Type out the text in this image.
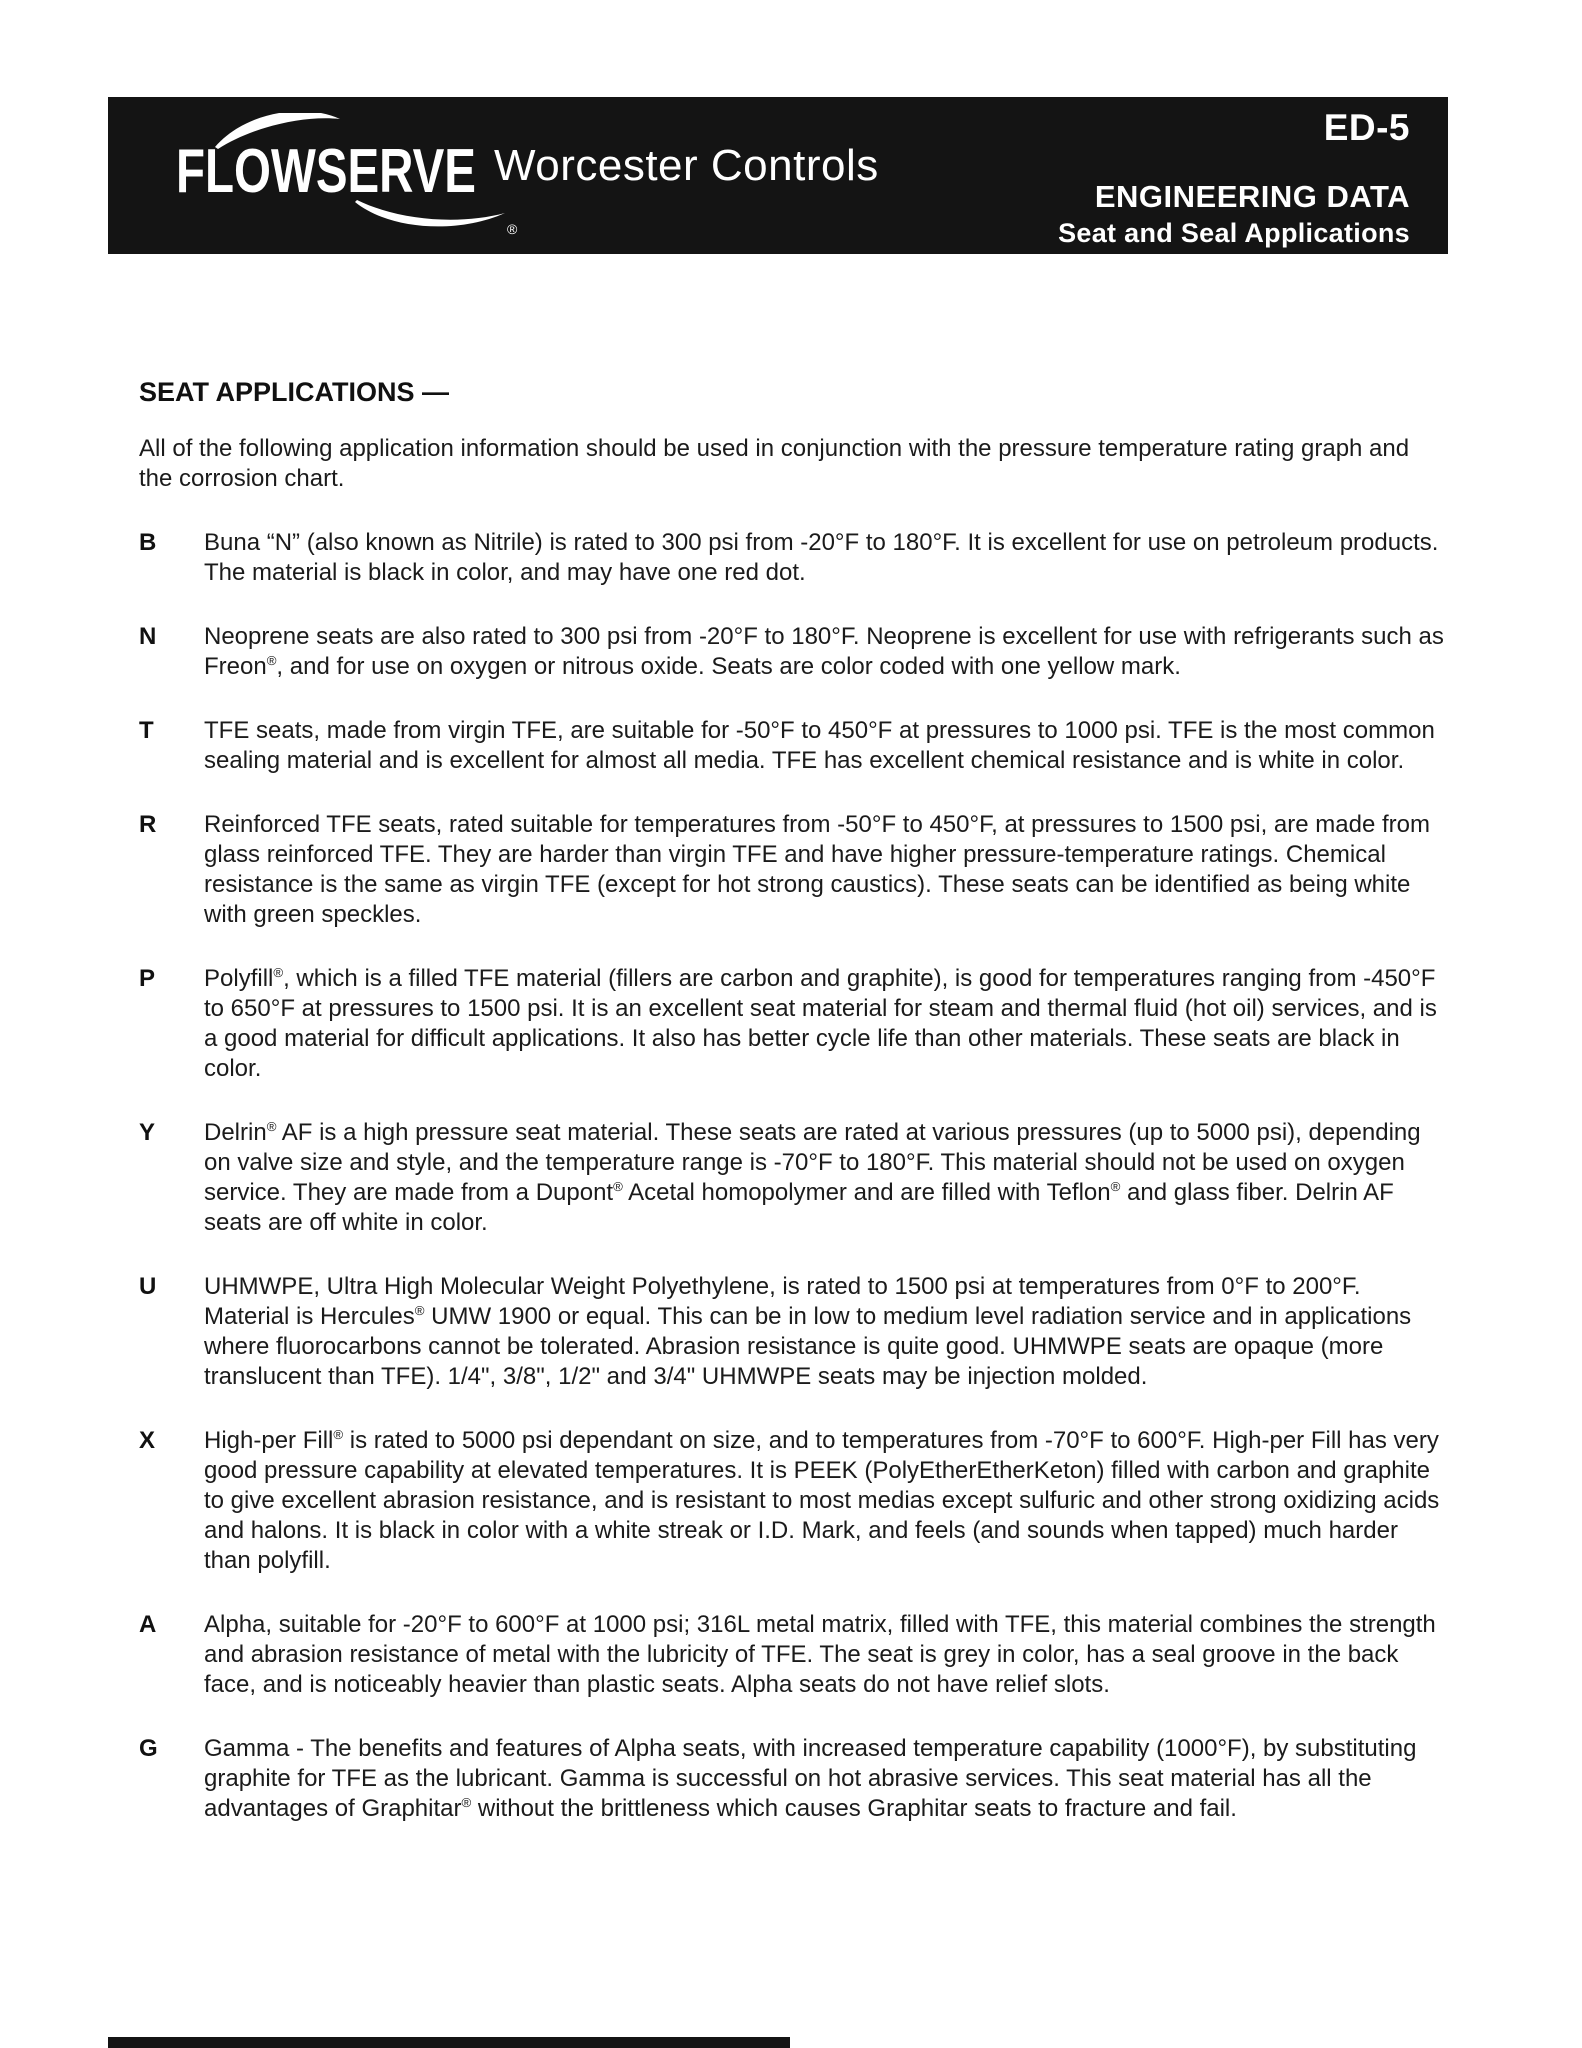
FLOWSERVE
®
Worcester Controls
ED-5
ENGINEERING DATA
Seat and Seal Applications
SEAT APPLICATIONS —

All of the following application information should be used in conjunction with the pressure temperature rating graph and the corrosion chart.

B Buna “N” (also known as Nitrile) is rated to 300 psi from -20°F to 180°F. It is excellent for use on petroleum products. The material is black in color, and may have one red dot.

N Neoprene seats are also rated to 300 psi from -20°F to 180°F. Neoprene is excellent for use with refrigerants such as Freon®, and for use on oxygen or nitrous oxide. Seats are color coded with one yellow mark.

T TFE seats, made from virgin TFE, are suitable for -50°F to 450°F at pressures to 1000 psi. TFE is the most common sealing material and is excellent for almost all media. TFE has excellent chemical resistance and is white in color.

R Reinforced TFE seats, rated suitable for temperatures from -50°F to 450°F, at pressures to 1500 psi, are made from glass reinforced TFE. They are harder than virgin TFE and have higher pressure-temperature ratings. Chemical resistance is the same as virgin TFE (except for hot strong caustics). These seats can be identified as being white with green speckles.

P Polyfill®, which is a filled TFE material (fillers are carbon and graphite), is good for temperatures ranging from -450°F to 650°F at pressures to 1500 psi. It is an excellent seat material for steam and thermal fluid (hot oil) services, and is a good material for difficult applications. It also has better cycle life than other materials. These seats are black in color.

Y Delrin® AF is a high pressure seat material. These seats are rated at various pressures (up to 5000 psi), depending on valve size and style, and the temperature range is -70°F to 180°F. This material should not be used on oxygen service. They are made from a Dupont® Acetal homopolymer and are filled with Teflon® and glass fiber. Delrin AF seats are off white in color.

U UHMWPE, Ultra High Molecular Weight Polyethylene, is rated to 1500 psi at temperatures from 0°F to 200°F. Material is Hercules® UMW 1900 or equal. This can be in low to medium level radiation service and in applications where fluorocarbons cannot be tolerated. Abrasion resistance is quite good. UHMWPE seats are opaque (more translucent than TFE). 1/4", 3/8", 1/2" and 3/4" UHMWPE seats may be injection molded.

X High-per Fill® is rated to 5000 psi dependant on size, and to temperatures from -70°F to 600°F. High-per Fill has very good pressure capability at elevated temperatures. It is PEEK (PolyEtherEtherKeton) filled with carbon and graphite to give excellent abrasion resistance, and is resistant to most medias except sulfuric and other strong oxidizing acids and halons. It is black in color with a white streak or I.D. Mark, and feels (and sounds when tapped) much harder than polyfill.

A Alpha, suitable for -20°F to 600°F at 1000 psi; 316L metal matrix, filled with TFE, this material combines the strength and abrasion resistance of metal with the lubricity of TFE. The seat is grey in color, has a seal groove in the back face, and is noticeably heavier than plastic seats. Alpha seats do not have relief slots.

G Gamma - The benefits and features of Alpha seats, with increased temperature capability (1000°F), by substituting graphite for TFE as the lubricant. Gamma is successful on hot abrasive services. This seat material has all the advantages of Graphitar® without the brittleness which causes Graphitar seats to fracture and fail.
